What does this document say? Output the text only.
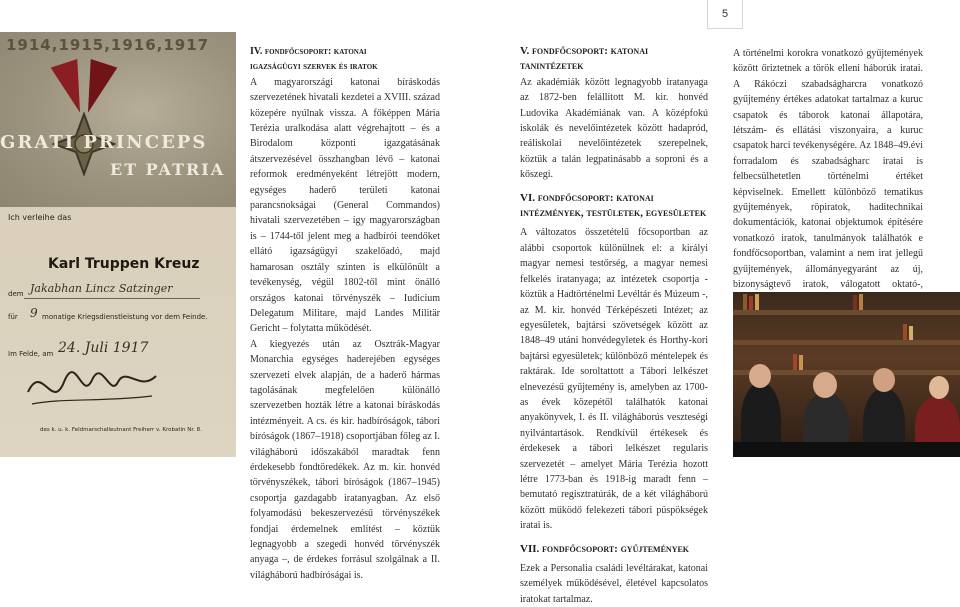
5
1914,1915,1916,1917
GRATI PRINCEPS
ET PATRIA
Ich verleihe das
Karl Truppen Kreuz
dem Jakabhan Lincz Satzinger
für 9 monatige Kriegsdienstleistung vor dem Feinde.
Im Felde, am 24. Juli 1917
des k. u. k. Feldmarschalleutnant Freiherr v. Krobatin Nr. 8.
IV. fondfőcsoport: katonai
igazságügyi szervek és iratok

A magyarországi katonai bíráskodás szervezetének hivatali kezdetei a XVIII. század közepére nyúlnak vissza. A főképpen Mária Terézia uralkodása alatt végrehajtott – és a Birodalom központi igazgatásának átszervezésével összhangban lévő – katonai reformok eredményeként létrejött modern, egységes haderő területi katonai parancsnokságai (General Commandos) hivatali szervezetében – így magyarországban is – 1744-től jelent meg a hadbírói teendőket ellátó igazságügyi szakelőadó, majd hamarosan osztály szinten is elkülönült a tevékenység, végül 1802-től mint önálló országos katonai törvényszék – Iudicium Delegatum Militare, majd Landes Militär Gericht – folytatta működését.

A kiegyezés után az Osztrák-Magyar Monarchia egységes haderejében egységes szervezeti elvek alapján, de a haderő hármas tagolásának megfelelően különálló szervezetben hozták létre a katonai bíráskodás intézményeit. A cs. és kir. hadbíróságok, tábori bíróságok (1867–1918) csoportjában főleg az I. világháború időszakából maradtak fenn érdekesebb fondtöredékek. Az m. kir. honvéd törvényszékek, tábori bíróságok (1867–1945) csoportja gazdagabb iratanyagban. Az első folyamodású bekeszervezésű törvényszékek fondjai érdemelnek említést – köztük legnagyobb a szegedi honvéd törvényszék anyaga –, de érdekes forrásul szolgálnak a II. világháború hadbíróságai is.

V. fondfőcsoport: katonai tanintézetek

Az akadémiák között legnagyobb iratanyaga az 1872-ben felállított M. kir. honvéd Ludovika Akadémiának van. A középfokú iskolák és nevelőintézetek között hadapród, reáliskolai nevelőintézetek szerepelnek, köztük a talán legpatinásabb a soproni és a kőszegi.

VI. fondfőcsoport: katonai intézmények, testületek, egyesületek

A változatos összetételű főcsoportban az alábbi csoportok különülnek el: a királyi magyar nemesi testőrség, a magyar nemesi felkelés iratanyaga; az intézetek csoportja - köztük a Hadtörténelmi Levéltár és Múzeum -, az M. kir. honvéd Térképészeti Intézet; az egyesületek, bajtársi szövetségek között az 1848–49 utáni honvédegyletek és Horthy-kori bajtársi egyesületek; különböző méntelepek és raktárak. Ide soroltattott a Tábori lelkészet elnevezésű gyűjtemény is, amelyben az 1700-as évek közepétől találhatók katonai anyakönyvek, I. és II. világháborús veszteségi nyilvántartások. Rendkívül értékesek és érdekesek a tábori lelkészet regularis szervezetét – amelyet Mária Terézia hozott létre 1773-ban és 1918-ig maradt fenn – bemutató regisztratúrák, de a két világháború között működő felekezeti tábori püspökségek iratai is.

VII. fondfőcsoport: gyűjtemények

Ezek a Personalia családi levéltárakat, katonai személyek működésével, életével kapcsolatos iratokat tartalmaz.

A történelmi korokra vonatkozó gyűjtemények között őriztetnek a török elleni háborúk iratai. A Rákóczi szabadságharcra vonatkozó gyűjtemény értékes adatokat tartalmaz a kuruc csapatok és táborok katonai állapotára, létszám- és ellátási viszonyaira, a kuruc csapatok harci tevékenységére. Az 1848–49.évi forradalom és szabadságharc iratai is felbecsülhetetlen történelmi értéket képviselnek. Emellett különböző tematikus gyűjtemények, röpiratok, haditechnikai dokumentációk, katonai objektumok építésére vonatkozó iratok, tanulmányok találhatók e fondfőcsoportban, valamint a nem irat jellegű gyűjtemények, állományegyaránt az új, bizonyságtevő iratok, válogatott oktató-,
